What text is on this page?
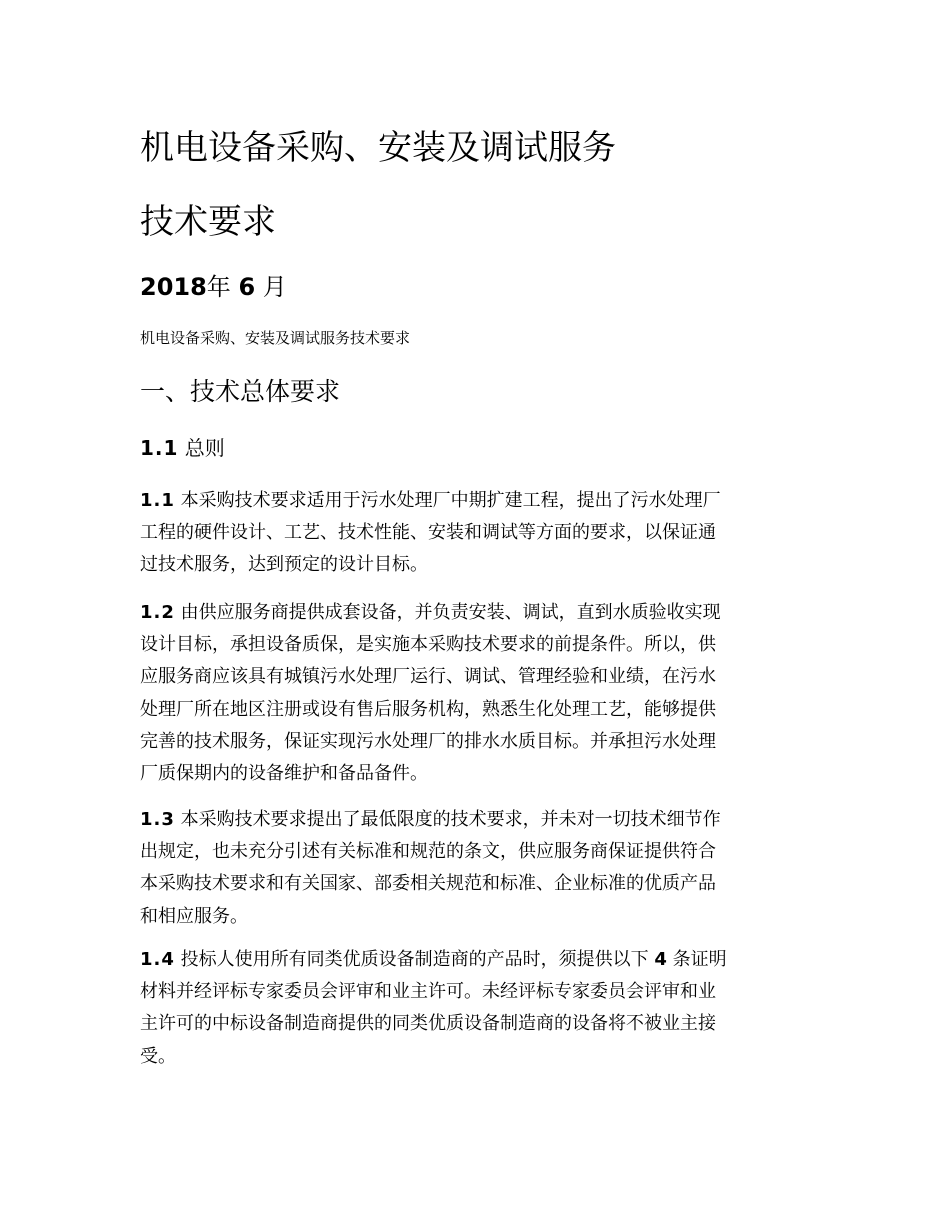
机电设备采购、安装及调试服务
技术要求

2018年 6 月

机电设备采购、安装及调试服务技术要求

一、技术总体要求
1.1 总则
1.1 本采购技术要求适用于污水处理厂中期扩建工程，提出了污水处理厂
工程的硬件设计、工艺、技术性能、安装和调试等方面的要求，以保证通
过技术服务，达到预定的设计目标。
1.2 由供应服务商提供成套设备，并负责安装、调试，直到水质验收实现
设计目标，承担设备质保，是实施本采购技术要求的前提条件。所以，供
应服务商应该具有城镇污水处理厂运行、调试、管理经验和业绩，在污水
处理厂所在地区注册或设有售后服务机构，熟悉生化处理工艺，能够提供
完善的技术服务，保证实现污水处理厂的排水水质目标。并承担污水处理
厂质保期内的设备维护和备品备件。
1.3 本采购技术要求提出了最低限度的技术要求，并未对一切技术细节作
出规定，也未充分引述有关标准和规范的条文，供应服务商保证提供符合
本采购技术要求和有关国家、部委相关规范和标准、企业标准的优质产品
和相应服务。
1.4 投标人使用所有同类优质设备制造商的产品时，须提供以下 4 条证明
材料并经评标专家委员会评审和业主许可。未经评标专家委员会评审和业
主许可的中标设备制造商提供的同类优质设备制造商的设备将不被业主接
受。
